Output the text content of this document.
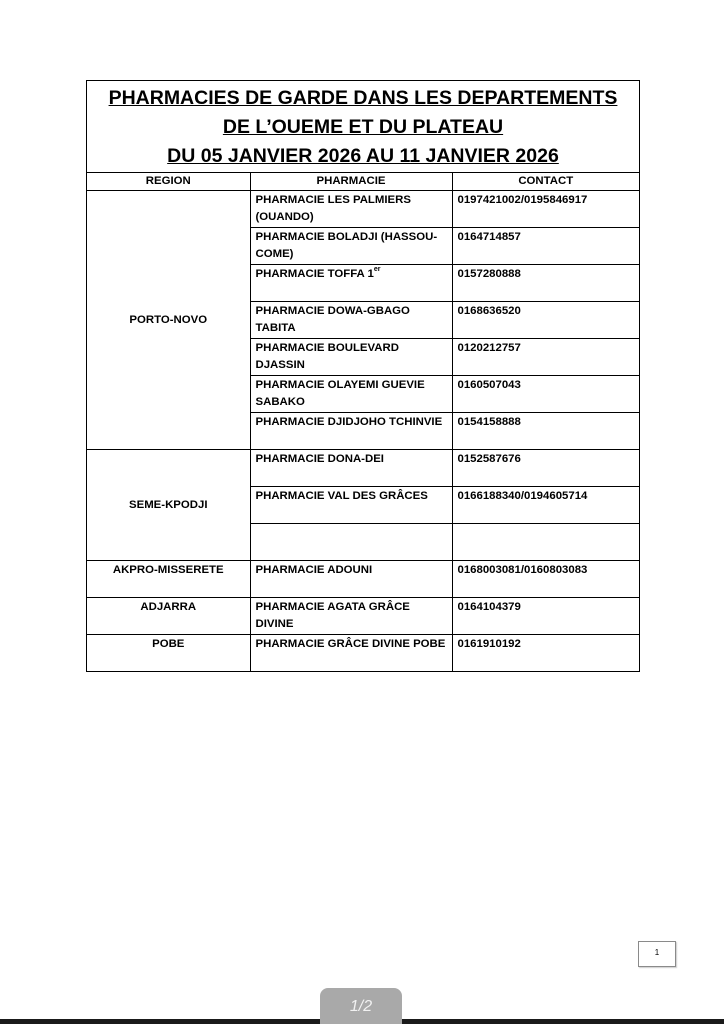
PHARMACIES DE GARDE DANS LES DEPARTEMENTS
DE L’OUEME ET DU PLATEAU
DU 05 JANVIER 2026 AU 11 JANVIER 2026
REGION	PHARMACIE	CONTACT
PORTO-NOVO	PHARMACIE LES PALMIERS (OUANDO)	0197421002/0195846917
	PHARMACIE BOLADJI (HASSOU-COME)	0164714857
	PHARMACIE TOFFA 1er	0157280888
	PHARMACIE DOWA-GBAGO TABITA	0168636520
	PHARMACIE BOULEVARD DJASSIN	0120212757
	PHARMACIE OLAYEMI GUEVIE SABAKO	0160507043
	PHARMACIE DJIDJOHO TCHINVIE	0154158888
SEME-KPODJI	PHARMACIE DONA-DEI	0152587676
	PHARMACIE VAL DES GRÂCES	0166188340/0194605714

AKPRO-MISSERETE	PHARMACIE ADOUNI	0168003081/0160803083
ADJARRA	PHARMACIE AGATA GRÂCE DIVINE	0164104379
POBE	PHARMACIE GRÂCE DIVINE POBE	0161910192
1
1/2
